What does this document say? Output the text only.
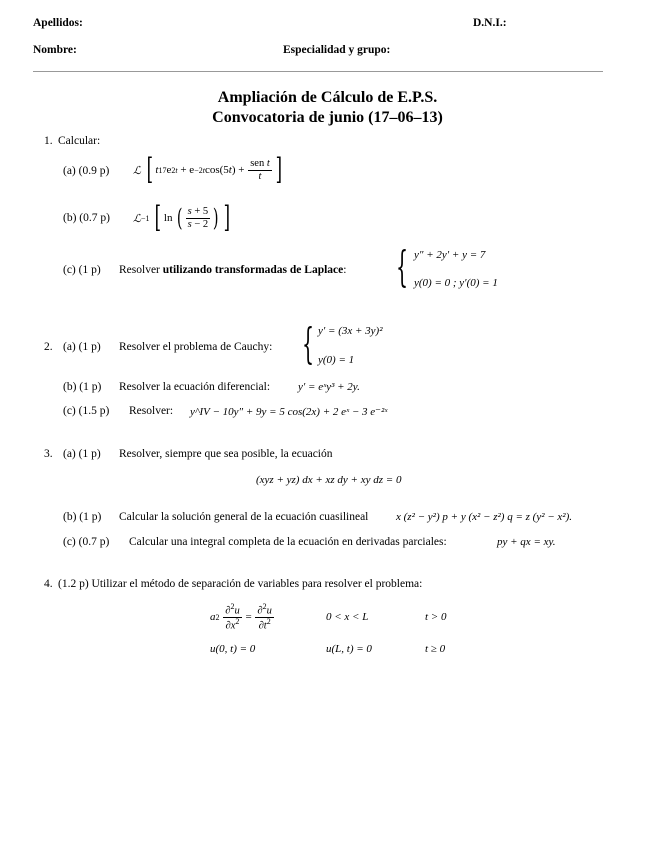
Apellidos:	D.N.I.:
Nombre:	Especialidad y grupo:
Ampliación de Cálculo de E.P.S.
Convocatoria de junio (17–06–13)
1. Calcular:
(a) (0.9 p) ℒ
[ t 17 e 2t + e −2t cos(5 t ) + $\frac{\text{sen t}}{t}$ ]
(b) (0.7 p) ℒ −1
[ ln ( $\frac{s + 5}{s - 2}$ ) ]
(c) (1 p) Resolver utilizando transformadas de Laplace: { y″ + 2y′ + y = 7
y(0) = 0 ; y′(0) = 1
2. (a) (1 p) Resolver el problema de Cauchy: { y′ = (3x + 3y)²
y(0) = 1
(b) (1 p) Resolver la ecuación diferencial:	y′ = eˣy³ + 2y.
(c) (1.5 p) Resolver: y^IV − 10y″ + 9y = 5 cos(2x) + 2 eˣ − 3 e⁻²ˣ
3. (a) (1 p) Resolver, siempre que sea posible, la ecuación
(xyz + yz) dx + xz dy + xy dz = 0
(b) (1 p) Calcular la solución general de la ecuación cuasilineal	x (z² − y²) p + y (x² − z²) q = z (y² − x²).
(c) (0.7 p) Calcular una integral completa de la ecuación en derivadas parciales:	py + qx = xy.
4. (1.2 p) Utilizar el método de separación de variables para resolver el problema:
a 2
$\frac{\partial^2u}{\partial x^2} = \frac{\partial^2u}{\partial t^2}$	0 < x < L	t > 0
u(0, t) = 0	u(L, t) = 0	t ≥ 0
